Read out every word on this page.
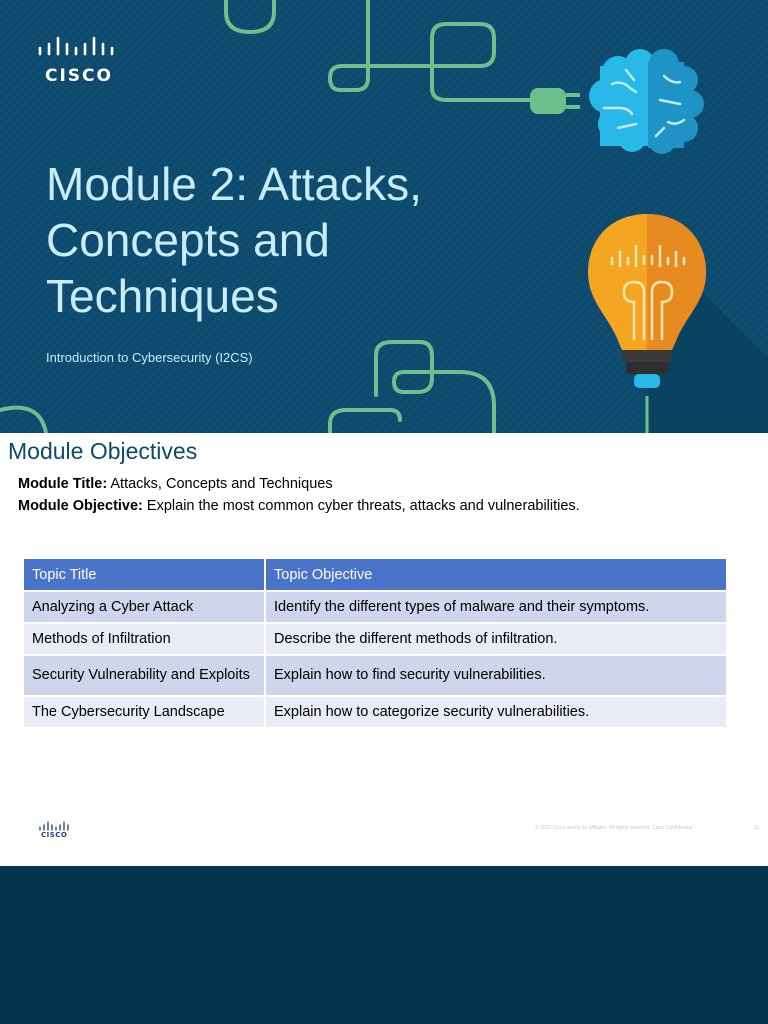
CISCO
Module 2: Attacks,
Concepts and
Techniques
Introduction to Cybersecurity (I2CS)
Module Objectives
Module Title: Attacks, Concepts and Techniques
Module Objective: Explain the most common cyber threats, attacks and vulnerabilities.
Topic Title	Topic Objective
Analyzing a Cyber Attack	Identify the different types of malware and their symptoms.
Methods of Infiltration	Describe the different methods of infiltration.
Security Vulnerability and Exploits	Explain how to find security vulnerabilities.
The Cybersecurity Landscape	Explain how to categorize security vulnerabilities.
CISCO
© 2020 Cisco and/or its affiliates. All rights reserved. Cisco Confidential	11
